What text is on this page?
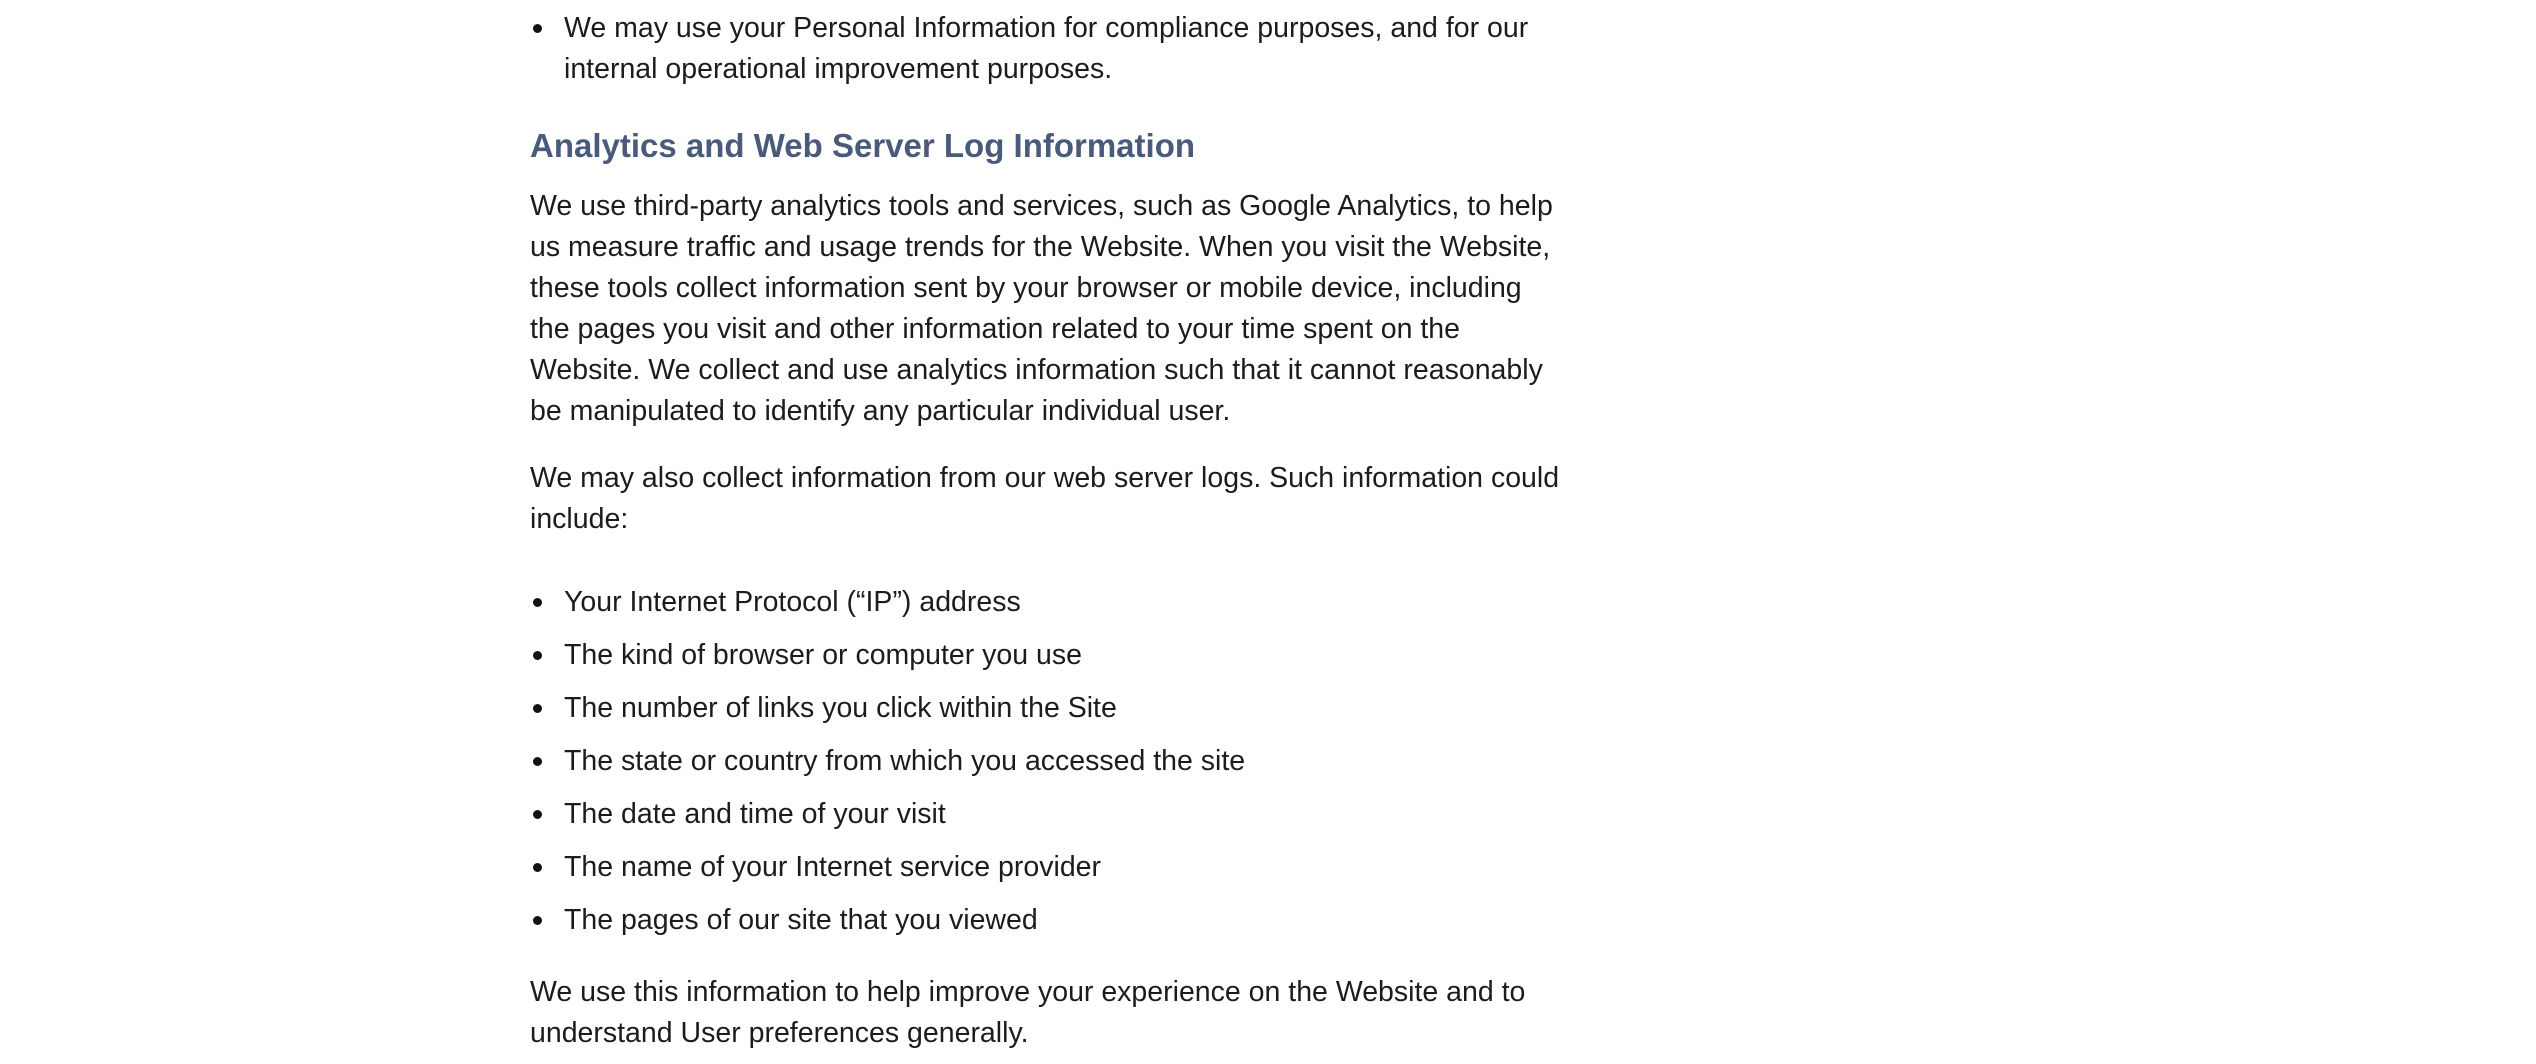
We may use your Personal Information for compliance purposes, and for our internal operational improvement purposes.
Analytics and Web Server Log Information

We use third-party analytics tools and services, such as Google Analytics, to help us measure traffic and usage trends for the Website. When you visit the Website, these tools collect information sent by your browser or mobile device, including the pages you visit and other information related to your time spent on the Website. We collect and use analytics information such that it cannot reasonably be manipulated to identify any particular individual user.

We may also collect information from our web server logs. Such information could include:

Your Internet Protocol (“IP”) address
The kind of browser or computer you use
The number of links you click within the Site
The state or country from which you accessed the site
The date and time of your visit
The name of your Internet service provider
The pages of our site that you viewed

We use this information to help improve your experience on the Website and to understand User preferences generally.
